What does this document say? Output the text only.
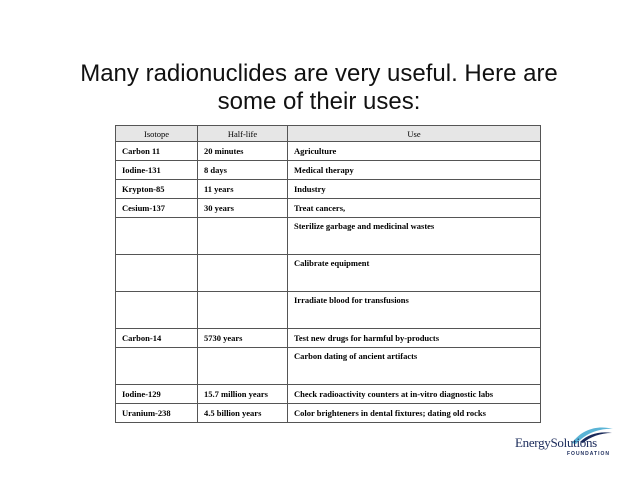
Many radionuclides are very useful. Here are
some of their uses:
Isotope	Half-life	Use
Carbon 11	20 minutes	Agriculture
Iodine-131	8 days	Medical therapy
Krypton-85	11 years	Industry
Cesium-137	30 years	Treat cancers,
		Sterilize garbage and medicinal wastes
		Calibrate equipment
		Irradiate blood for transfusions
Carbon-14	5730 years	Test new drugs for harmful by-products
		Carbon dating of ancient artifacts
Iodine-129	15.7 million years	Check radioactivity counters at in-vitro diagnostic labs
Uranium-238	4.5 billion years	Color brighteners in dental fixtures; dating old rocks
EnergySolutions
FOUNDATION
